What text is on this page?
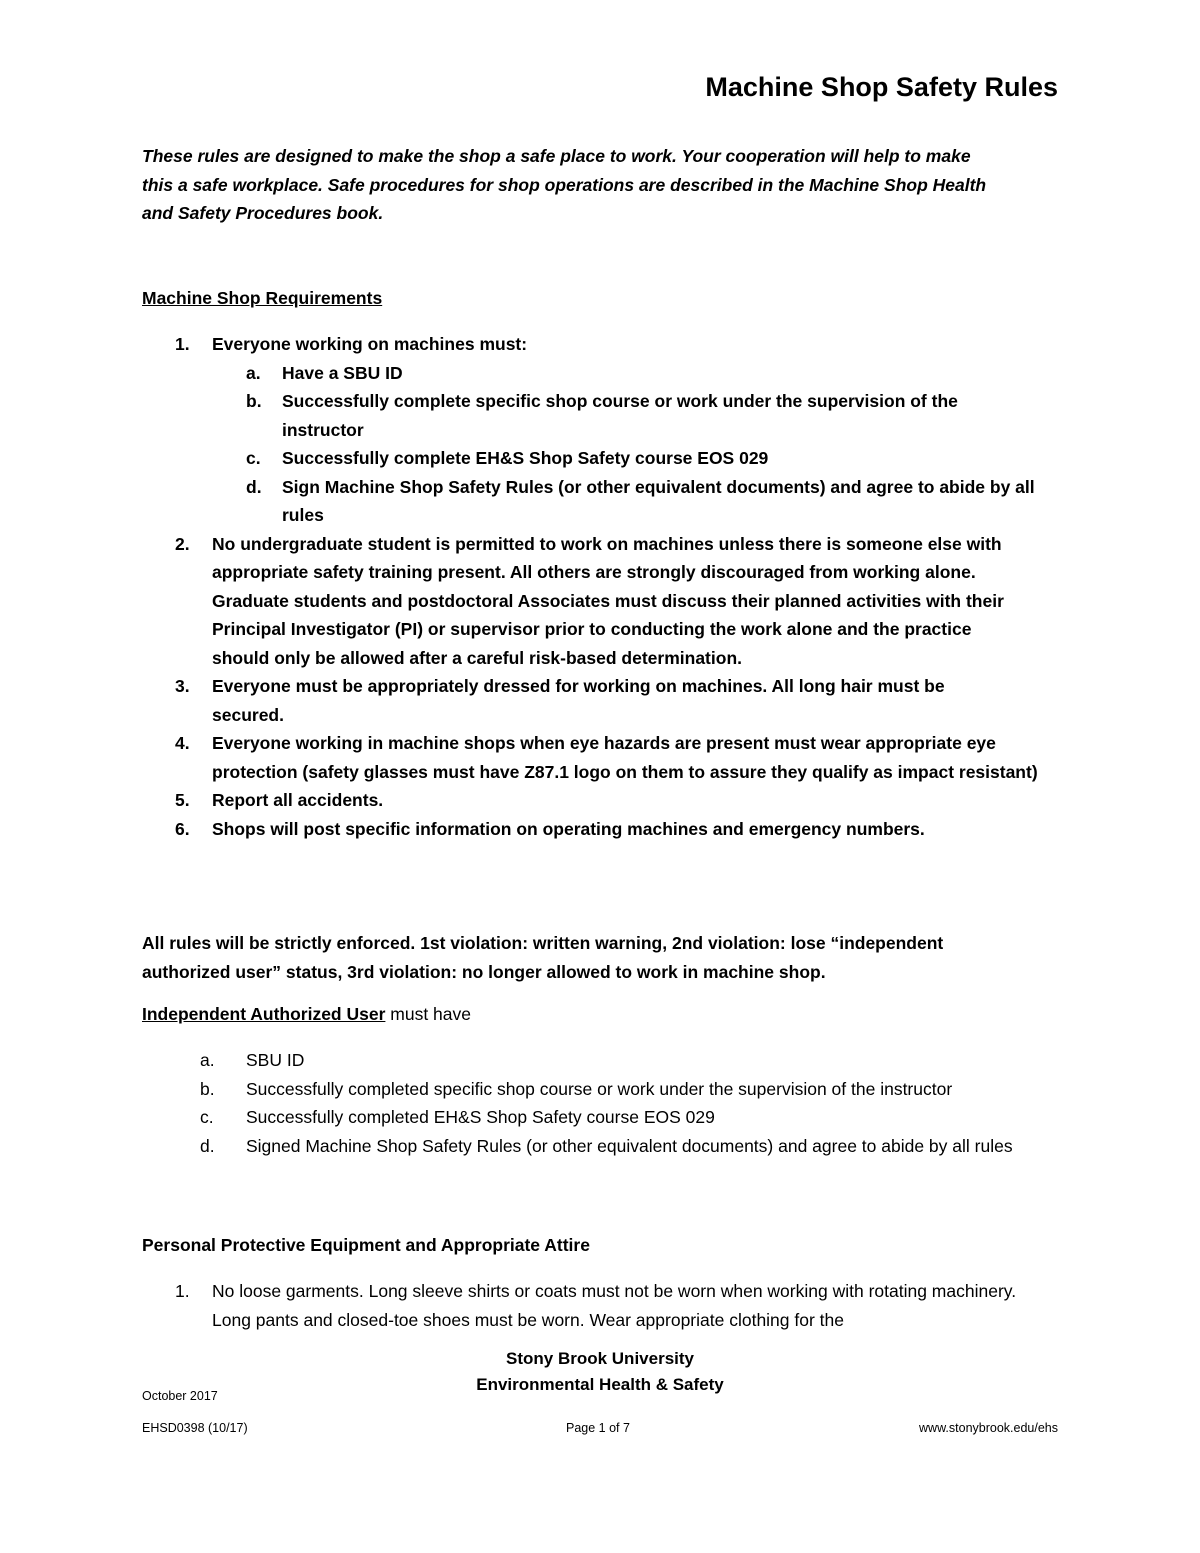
Machine Shop Safety Rules
These rules are designed to make the shop a safe place to work. Your cooperation will help to make
this a safe workplace. Safe procedures for shop operations are described in the Machine Shop Health
and Safety Procedures book.
Machine Shop Requirements
1. Everyone working on machines must:
a. Have a SBU ID
b. Successfully complete specific shop course or work under the supervision of the instructor
c. Successfully complete EH&S Shop Safety course EOS 029
d. Sign Machine Shop Safety Rules (or other equivalent documents) and agree to abide by all rules
2. No undergraduate student is permitted to work on machines unless there is someone else with appropriate safety training present. All others are strongly discouraged from working alone. Graduate students and postdoctoral Associates must discuss their planned activities with their Principal Investigator (PI) or supervisor prior to conducting the work alone and the practice should only be allowed after a careful risk-based determination.
3. Everyone must be appropriately dressed for working on machines. All long hair must be secured.
4. Everyone working in machine shops when eye hazards are present must wear appropriate eye protection (safety glasses must have Z87.1 logo on them to assure they qualify as impact resistant)
5. Report all accidents.
6. Shops will post specific information on operating machines and emergency numbers.
All rules will be strictly enforced. 1st violation: written warning, 2nd violation: lose “independent authorized user” status, 3rd violation: no longer allowed to work in machine shop.
Independent Authorized User must have
a. SBU ID
b. Successfully completed specific shop course or work under the supervision of the instructor
c. Successfully completed EH&S Shop Safety course EOS 029
d. Signed Machine Shop Safety Rules (or other equivalent documents) and agree to abide by all rules
Personal Protective Equipment and Appropriate Attire
1. No loose garments. Long sleeve shirts or coats must not be worn when working with rotating machinery. Long pants and closed-toe shoes must be worn. Wear appropriate clothing for the
Stony Brook University
Environmental Health & Safety
October 2017
EHSD0398 (10/17)	Page 1 of 7	www.stonybrook.edu/ehs
